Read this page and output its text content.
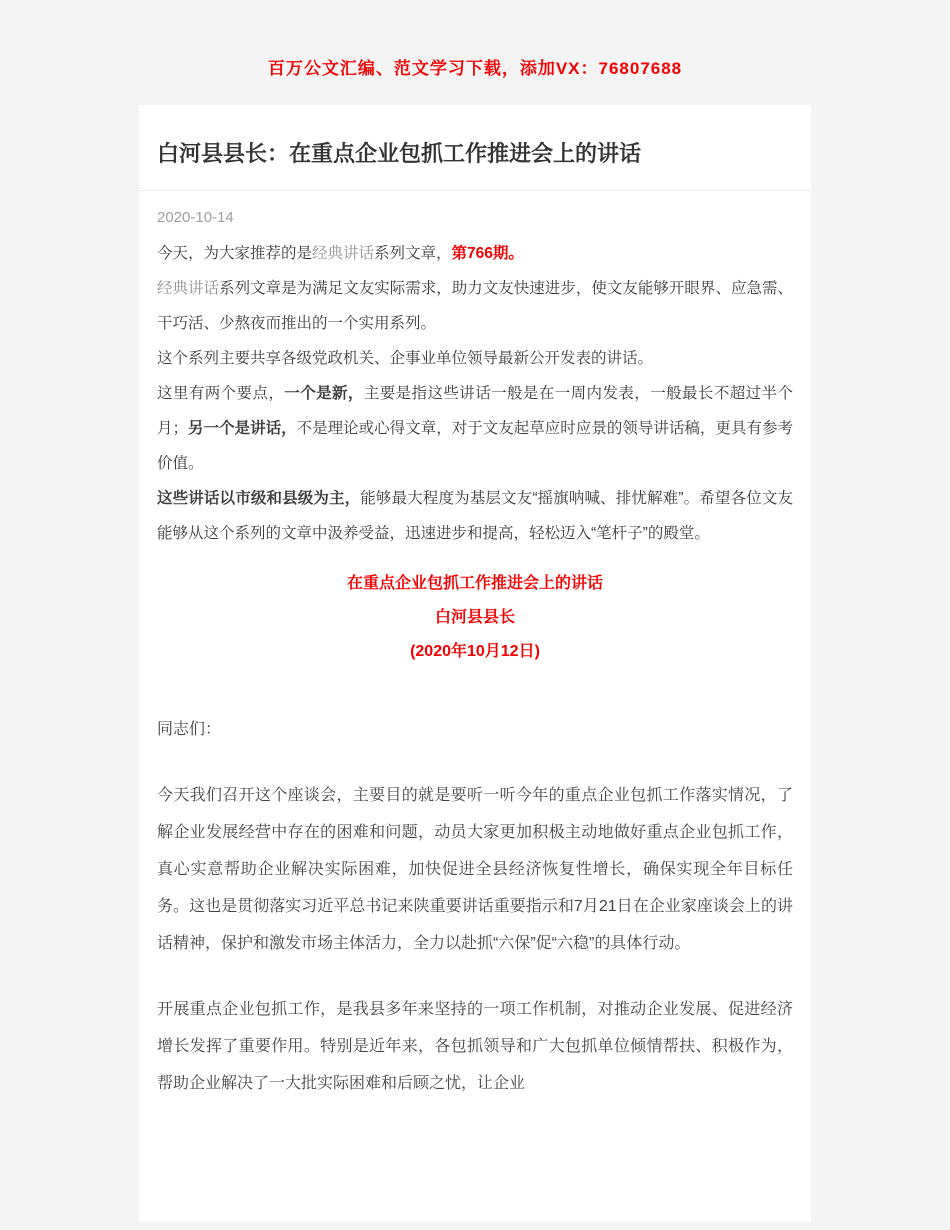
百万公文汇编、范文学习下载，添加VX：76807688
白河县县长：在重点企业包抓工作推进会上的讲话
2020-10-14

今天，为大家推荐的是经典讲话系列文章，第766期。

经典讲话系列文章是为满足文友实际需求，助力文友快速进步，使文友能够开眼界、应急需、干巧活、少熬夜而推出的一个实用系列。

这个系列主要共享各级党政机关、企事业单位领导最新公开发表的讲话。

这里有两个要点，一个是新，主要是指这些讲话一般是在一周内发表，一般最长不超过半个月；另一个是讲话，不是理论或心得文章，对于文友起草应时应景的领导讲话稿，更具有参考价值。

这些讲话以市级和县级为主，能够最大程度为基层文友“摇旗呐喊、排忧解难”。希望各位文友能够从这个系列的文章中汲养受益，迅速进步和提高，轻松迈入“笔杆子”的殿堂。

在重点企业包抓工作推进会上的讲话

白河县县长

(2020年10月12日)

同志们：

今天我们召开这个座谈会，主要目的就是要听一听今年的重点企业包抓工作落实情况，了解企业发展经营中存在的困难和问题，动员大家更加积极主动地做好重点企业包抓工作，真心实意帮助企业解决实际困难，加快促进全县经济恢复性增长，确保实现全年目标任务。这也是贯彻落实习近平总书记来陕重要讲话重要指示和7月21日在企业家座谈会上的讲话精神，保护和激发市场主体活力，全力以赴抓“六保”促“六稳”的具体行动。

开展重点企业包抓工作，是我县多年来坚持的一项工作机制，对推动企业发展、促进经济增长发挥了重要作用。特别是近年来，各包抓领导和广大包抓单位倾情帮扶、积极作为，帮助企业解决了一大批实际困难和后顾之忧，让企业
